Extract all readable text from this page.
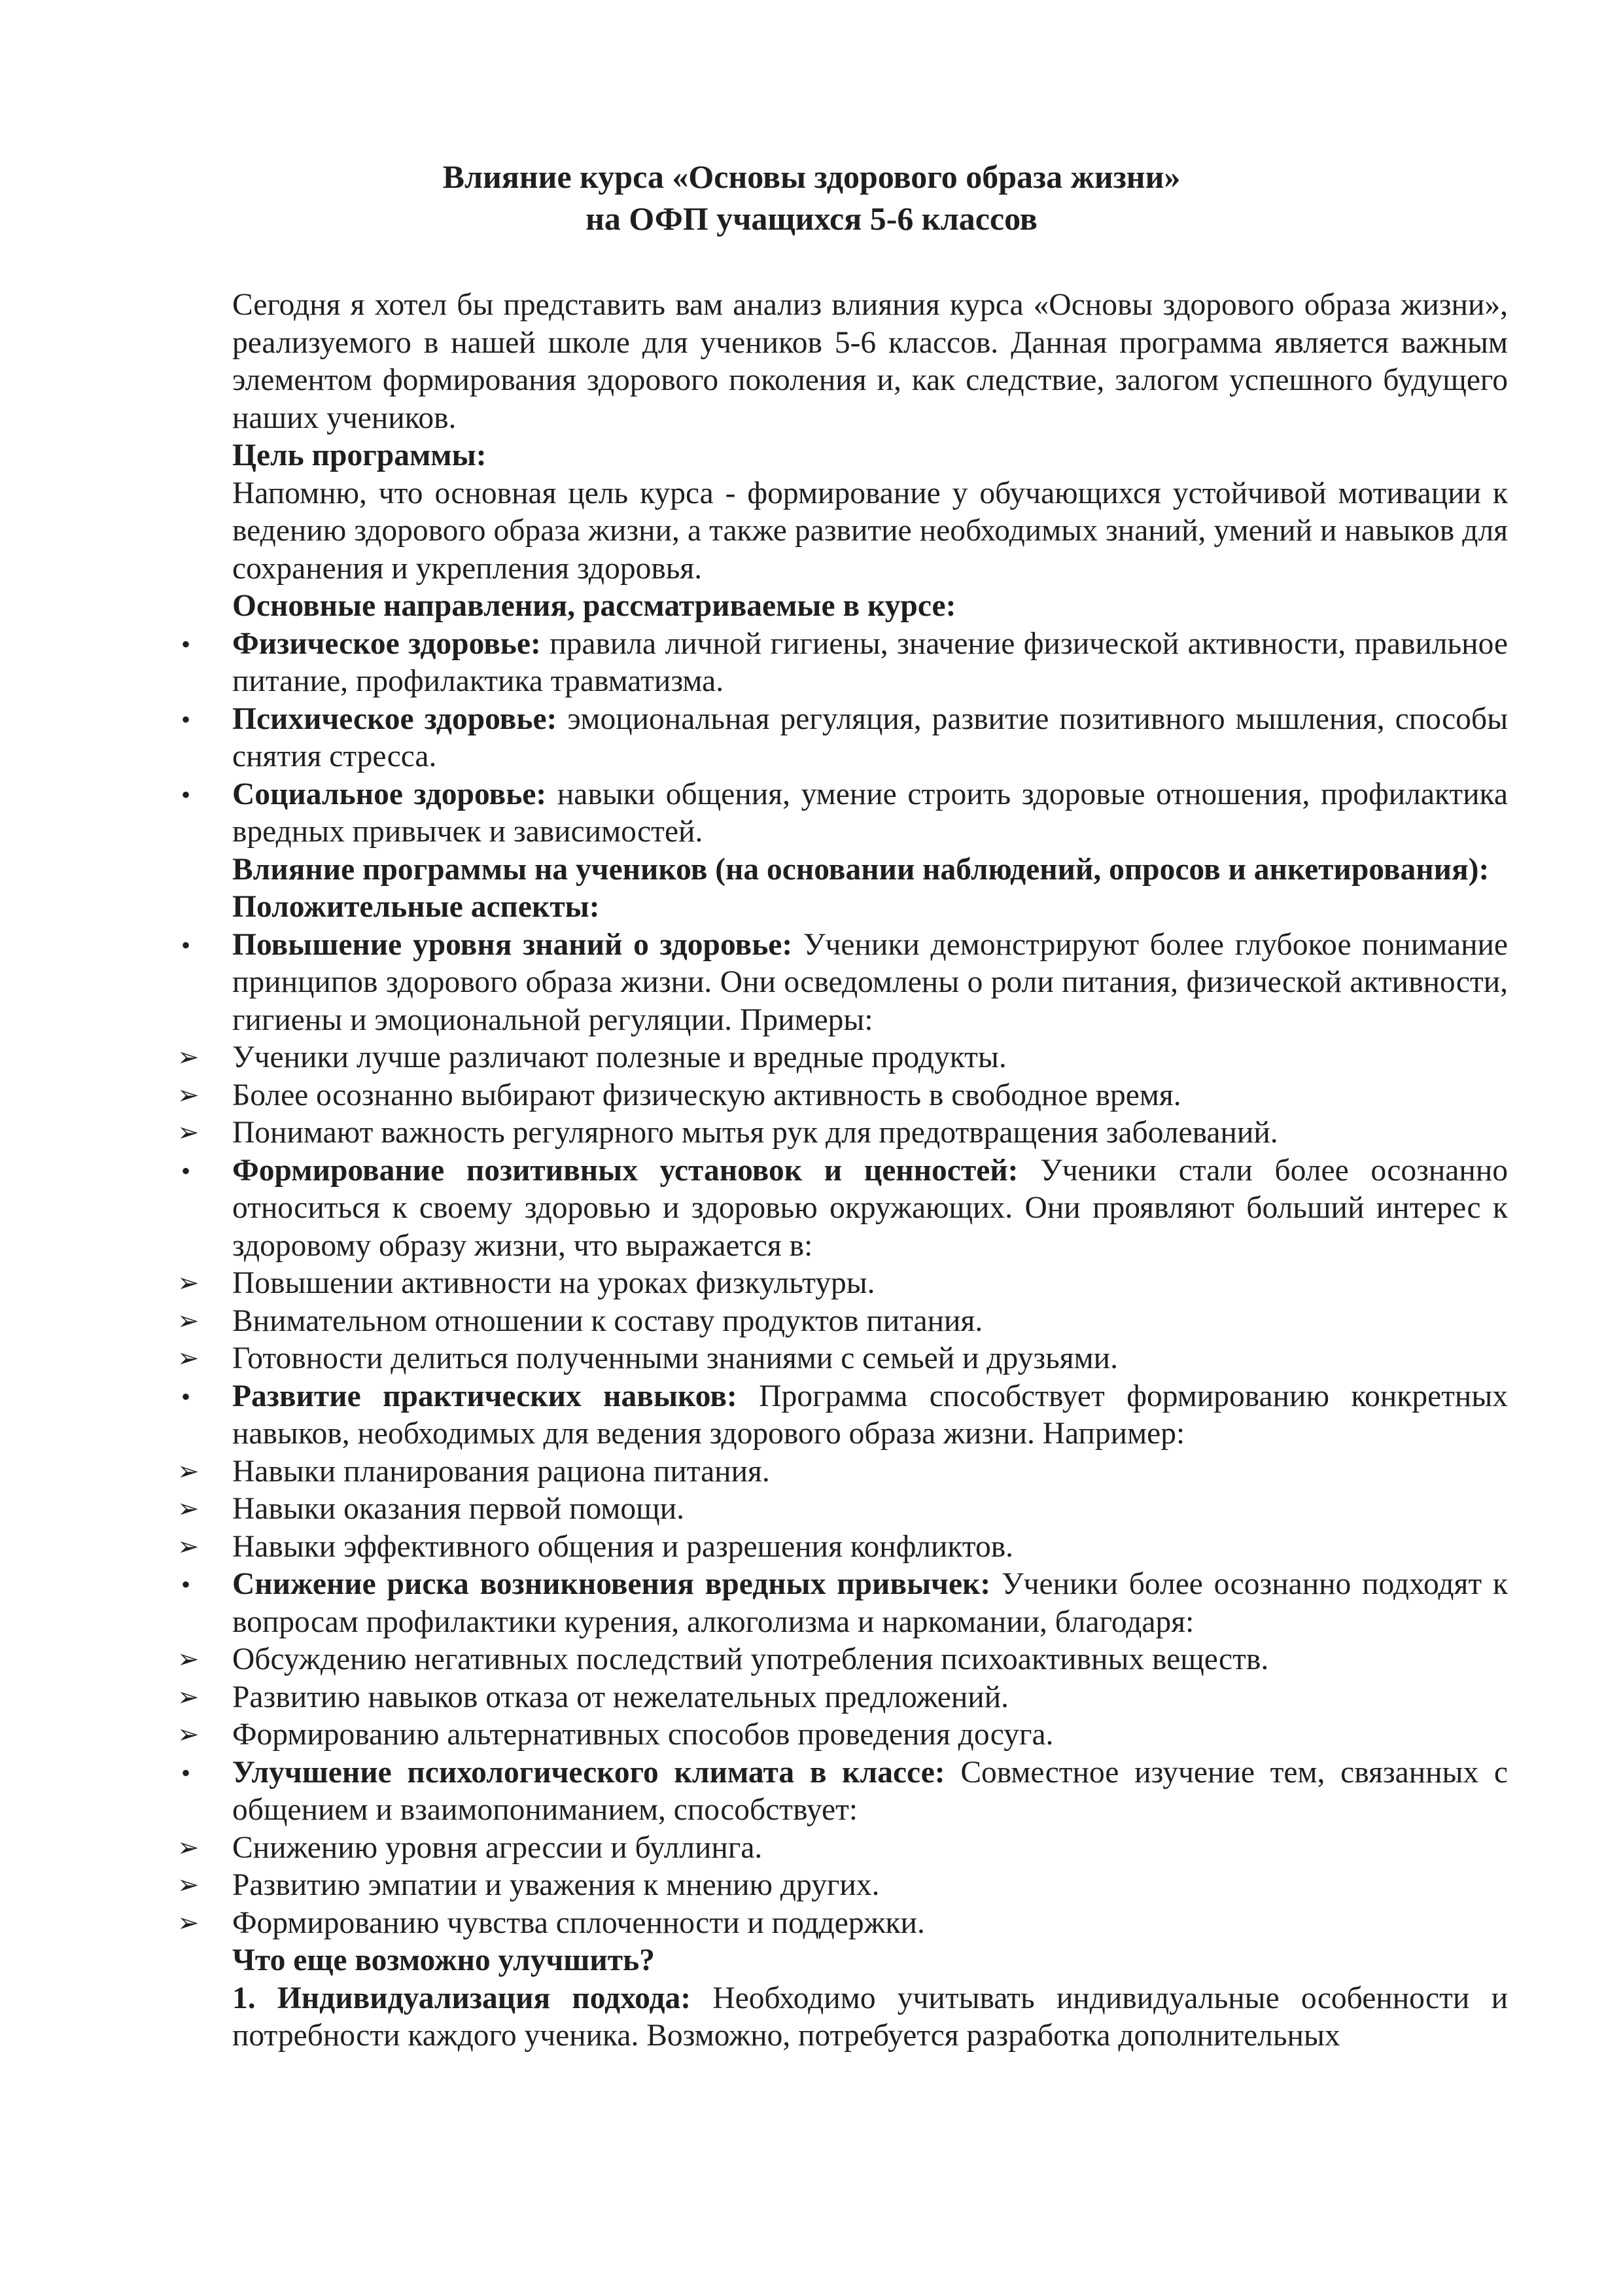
Влияние курса «Основы здорового образа жизни»
на ОФП учащихся 5-6 классов

Сегодня я хотел бы представить вам анализ влияния курса «Основы здорового образа жизни», реализуемого в нашей школе для учеников 5-6 классов. Данная программа является важным элементом формирования здорового поколения и, как следствие, залогом успешного будущего наших учеников.

Цель программы:

Напомню, что основная цель курса - формирование у обучающихся устойчивой мотивации к ведению здорового образа жизни, а также развитие необходимых знаний, умений и навыков для сохранения и укрепления здоровья.

Основные направления, рассматриваемые в курсе:

•	Физическое здоровье: правила личной гигиены, значение физической активности, правильное питание, профилактика травматизма.
•	Психическое здоровье: эмоциональная регуляция, развитие позитивного мышления, способы снятия стресса.
•	Социальное здоровье: навыки общения, умение строить здоровые отношения, профилактика вредных привычек и зависимостей.

Влияние программы на учеников (на основании наблюдений, опросов и анкетирования):

Положительные аспекты:

•	Повышение уровня знаний о здоровье: Ученики демонстрируют более глубокое понимание принципов здорового образа жизни. Они осведомлены о роли питания, физической активности, гигиены и эмоциональной регуляции. Примеры:
➢ Ученики лучше различают полезные и вредные продукты.
➢ Более осознанно выбирают физическую активность в свободное время.
➢ Понимают важность регулярного мытья рук для предотвращения заболеваний.
•	Формирование позитивных установок и ценностей: Ученики стали более осознанно относиться к своему здоровью и здоровью окружающих. Они проявляют больший интерес к здоровому образу жизни, что выражается в:
➢ Повышении активности на уроках физкультуры.
➢ Внимательном отношении к составу продуктов питания.
➢ Готовности делиться полученными знаниями с семьей и друзьями.
•	Развитие практических навыков: Программа способствует формированию конкретных навыков, необходимых для ведения здорового образа жизни. Например:
➢ Навыки планирования рациона питания.
➢ Навыки оказания первой помощи.
➢ Навыки эффективного общения и разрешения конфликтов.
•	Снижение риска возникновения вредных привычек: Ученики более осознанно подходят к вопросам профилактики курения, алкоголизма и наркомании, благодаря:
➢ Обсуждению негативных последствий употребления психоактивных веществ.
➢ Развитию навыков отказа от нежелательных предложений.
➢ Формированию альтернативных способов проведения досуга.
•	Улучшение психологического климата в классе: Совместное изучение тем, связанных с общением и взаимопониманием, способствует:
➢ Снижению уровня агрессии и буллинга.
➢ Развитию эмпатии и уважения к мнению других.
➢ Формированию чувства сплоченности и поддержки.

Что еще возможно улучшить?

1. Индивидуализация подхода: Необходимо учитывать индивидуальные особенности и потребности каждого ученика. Возможно, потребуется разработка дополнительных
